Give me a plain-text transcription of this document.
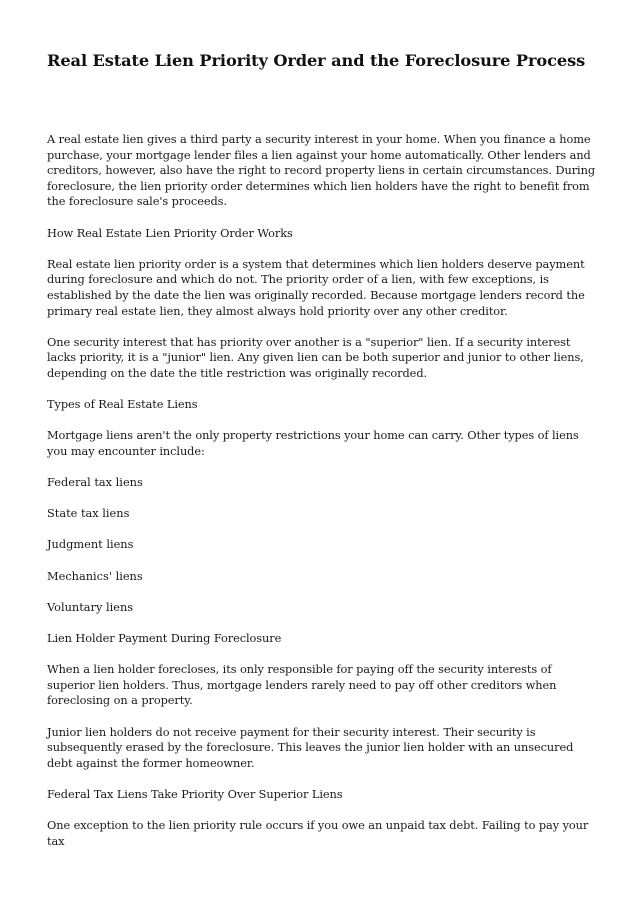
Real Estate Lien Priority Order and the Foreclosure Process

A real estate lien gives a third party a security interest in your home. When you finance a home purchase, your mortgage lender files a lien against your home automatically. Other lenders and creditors, however, also have the right to record property liens in certain circumstances. During foreclosure, the lien priority order determines which lien holders have the right to benefit from the foreclosure sale's proceeds.

How Real Estate Lien Priority Order Works

Real estate lien priority order is a system that determines which lien holders deserve payment during foreclosure and which do not. The priority order of a lien, with few exceptions, is established by the date the lien was originally recorded. Because mortgage lenders record the primary real estate lien, they almost always hold priority over any other creditor.

One security interest that has priority over another is a "superior" lien. If a security interest lacks priority, it is a "junior" lien. Any given lien can be both superior and junior to other liens, depending on the date the title restriction was originally recorded.

Types of Real Estate Liens

Mortgage liens aren't the only property restrictions your home can carry. Other types of liens you may encounter include:

Federal tax liens

State tax liens

Judgment liens

Mechanics' liens

Voluntary liens

Lien Holder Payment During Foreclosure

When a lien holder forecloses, its only responsible for paying off the security interests of superior lien holders. Thus, mortgage lenders rarely need to pay off other creditors when foreclosing on a property.

Junior lien holders do not receive payment for their security interest. Their security is subsequently erased by the foreclosure. This leaves the junior lien holder with an unsecured debt against the former homeowner.

Federal Tax Liens Take Priority Over Superior Liens

One exception to the lien priority rule occurs if you owe an unpaid tax debt. Failing to pay your tax
